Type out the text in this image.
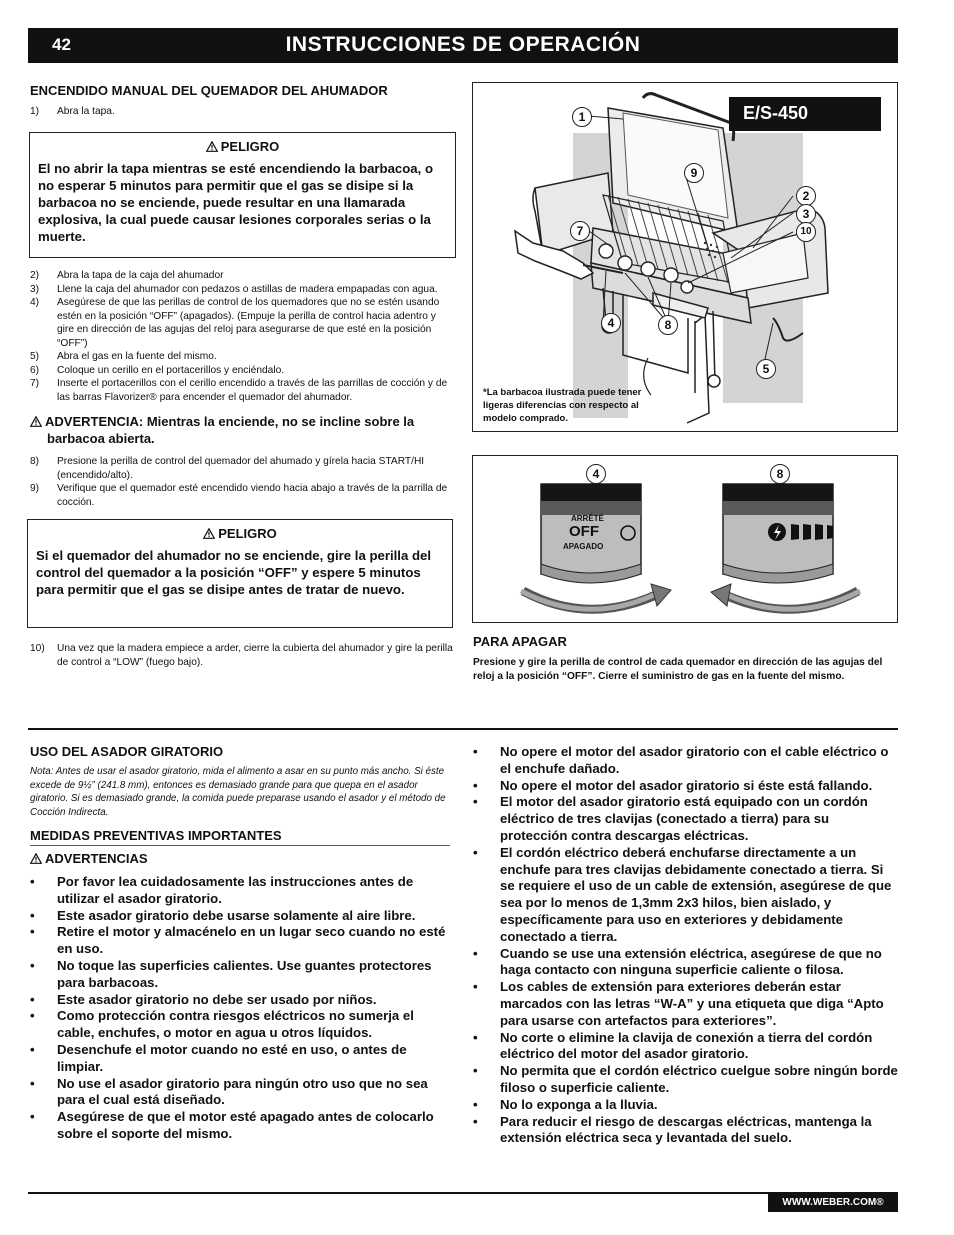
42	INSTRUCCIONES DE OPERACIÓN
ENCENDIDO MANUAL DEL QUEMADOR DEL AHUMADOR
1) Abra la tapa.
PELIGRO
El no abrir la tapa mientras se esté encendiendo la barbacoa, o no esperar 5 minutos para permitir que el gas se disipe si la barbacoa no se enciende, puede resultar en una llamarada explosiva, la cual puede causar lesiones corporales serias o la muerte.
2) Abra la tapa de la caja del ahumador
3) Llene la caja del ahumador con pedazos o astillas de madera empapadas con agua.
4) Asegúrese de que las perillas de control de los quemadores que no se estén usando estén en la posición “OFF” (apagados). (Empuje la perilla de control hacia adentro y gire en dirección de las agujas del reloj para asegurarse de que esté en la posición “OFF”)
5) Abra el gas en la fuente del mismo.
6) Coloque un cerillo en el portacerillos y enciéndalo.
7) Inserte el portacerillos con el cerillo encendido a través de las parrillas de cocción y de las barras Flavorizer® para encender el quemador del ahumador.
ADVERTENCIA: Mientras la enciende, no se incline sobre la barbacoa abierta.
8) Presione la perilla de control del quemador del ahumado y gírela hacia START/HI (encendido/alto).
9) Verifique que el quemador esté encendido viendo hacia abajo a través de la parrilla de cocción.
PELIGRO
Si el quemador del ahumador no se enciende, gire la perilla del control del quemador a la posición “OFF” y espere 5 minutos para permitir que el gas se disipe antes de tratar de nuevo.
10) Una vez que la madera empiece a arder, cierre la cubierta del ahumador y gire la perilla de control a “LOW” (fuego bajo).
E/S-450
1
2
3
4
5
7
8
9
10
*La barbacoa ilustrada puede tener ligeras diferencias con respecto al modelo comprado.
ARRÊTÉ
OFF
APAGADO
4	8
PARA APAGAR
Presione y gire la perilla de control de cada quemador en dirección de las agujas del reloj a la posición “OFF”. Cierre el suministro de gas en la fuente del mismo.
USO DEL ASADOR GIRATORIO
Nota: Antes de usar el asador giratorio, mida el alimento a asar en su punto más ancho. Si éste excede de 9½” (241.8 mm), entonces es demasiado grande para que quepa en el asador giratorio. Si es demasiado grande, la comida puede preparase usando el asador y el método de Cocción Indirecta.
MEDIDAS PREVENTIVAS IMPORTANTES
ADVERTENCIAS
• Por favor lea cuidadosamente las instrucciones antes de utilizar el asador giratorio.
• Este asador giratorio debe usarse solamente al aire libre.
• Retire el motor y almacénelo en un lugar seco cuando no esté en uso.
• No toque las superficies calientes. Use guantes protectores para barbacoas.
• Este asador giratorio no debe ser usado por niños.
• Como protección contra riesgos eléctricos no sumerja el cable, enchufes, o motor en agua u otros líquidos.
• Desenchufe el motor cuando no esté en uso, o antes de limpiar.
• No use el asador giratorio para ningún otro uso que no sea para el cual está diseñado.
• Asegúrese de que el motor esté apagado antes de colocarlo sobre el soporte del mismo.
• No opere el motor del asador giratorio con el cable eléctrico o el enchufe dañado.
• No opere el motor del asador giratorio si éste está fallando.
• El motor del asador giratorio está equipado con un cordón eléctrico de tres clavijas (conectado a tierra) para su protección contra descargas eléctricas.
• El cordón eléctrico deberá enchufarse directamente a un enchufe para tres clavijas debidamente conectado a tierra. Si se requiere el uso de un cable de extensión, asegúrese de que sea por lo menos de 1,3mm 2x3 hilos, bien aislado, y específicamente para uso en exteriores y debidamente conectado a tierra.
• Cuando se use una extensión eléctrica, asegúrese de que no haga contacto con ninguna superficie caliente o filosa.
• Los cables de extensión para exteriores deberán estar marcados con las letras “W-A” y una etiqueta que diga “Apto para usarse con artefactos para exteriores”.
• No corte o elimine la clavija de conexión a tierra del cordón eléctrico del motor del asador giratorio.
• No permita que el cordón eléctrico cuelgue sobre ningún borde filoso o superficie caliente.
• No lo exponga a la lluvia.
• Para reducir el riesgo de descargas eléctricas, mantenga la extensión eléctrica seca y levantada del suelo.
WWW.WEBER.COM®
